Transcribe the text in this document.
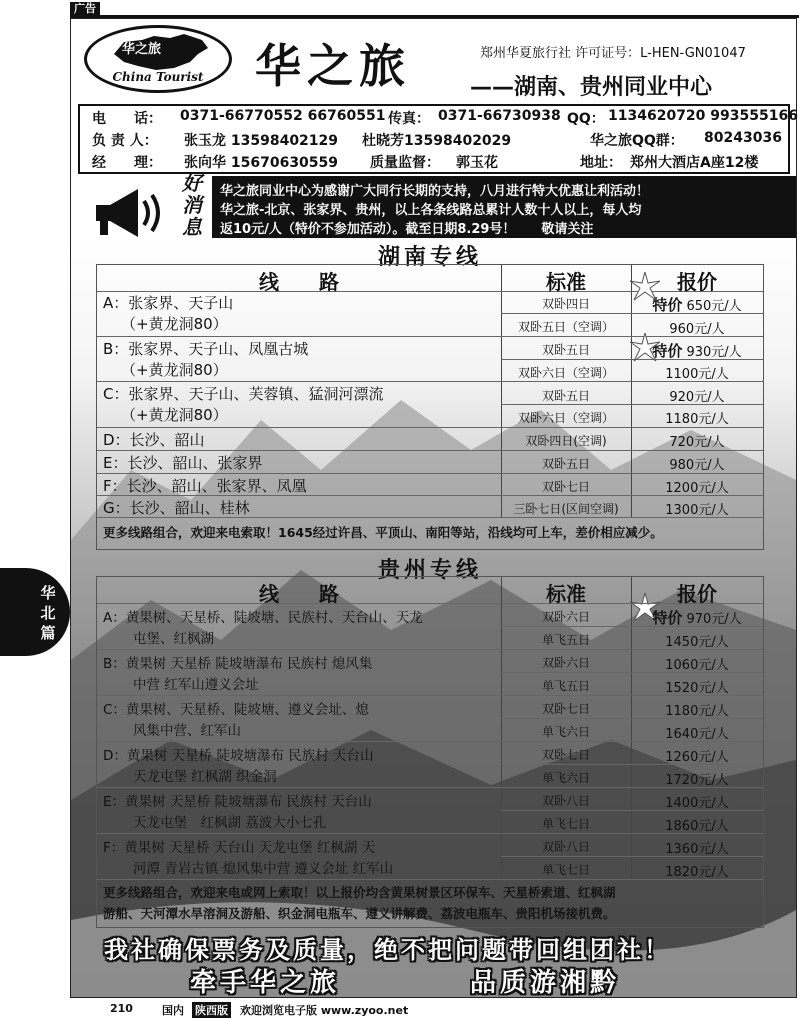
广告
华之旅
China Tourist	华之旅	郑州华夏旅行社 许可证号：L-HEN-GN01047
——湖南、贵州同业中心
电　　话： 0371-66770552 66760551 传真： 0371-66730938 QQ： 1134620720 993555166
负 责 人： 张玉龙 13598402129 杜晓芳13598402029	华之旅QQ群： 80243036
经　　理： 张向华 15670630559 质量监督： 郭玉花	地址： 郑州大酒店A座12楼
好消息
华之旅同业中心为感谢广大同行长期的支持，八月进行特大优惠让利活动！
华之旅-北京、张家界、贵州，以上各条线路总累计人数十人以上，每人均
返10元/人（特价不参加活动）。截至日期8.29号！　　敬请关注
湖南专线
线　　路	标准	报价
A：张家界、天子山
（+黄龙洞80）
双卧四日	特价 650元/人
双卧五日（空调）	960元/人
B：张家界、天子山、凤凰古城
（+黄龙洞80）
双卧五日	特价 930元/人
双卧六日（空调）	1100元/人
C：张家界、天子山、芙蓉镇、猛洞河漂流
（+黄龙洞80）
双卧五日	920元/人
双卧六日（空调）	1180元/人
D：长沙、韶山	双卧四日(空调)	720元/人
E：长沙、韶山、张家界	双卧五日	980元/人
F：长沙、韶山、张家界、凤凰	双卧七日	1200元/人
G：长沙、韶山、桂林	三卧七日(区间空调)	1300元/人
更多线路组合，欢迎来电索取！1645经过许昌、平顶山、南阳等站，沿线均可上车，差价相应减少。
贵州专线
线　　路	标准	报价
A：黄果树、天星桥、陡坡塘、民族村、天台山、天龙
屯堡、红枫湖
双卧六日	特价 970元/人
单飞五日	1450元/人
B：黄果树 天星桥 陡坡塘瀑布 民族村 熄风集
中营 红军山遵义会址
双卧六日	1060元/人
单飞五日	1520元/人
C：黄果树、天星桥、陡坡塘、遵义会址、熄
风集中营、红军山
双卧七日	1180元/人
单飞六日	1640元/人
D：黄果树 天星桥 陡坡塘瀑布 民族村 天台山
天龙屯堡 红枫湖 织金洞
双卧七日	1260元/人
单飞六日	1720元/人
E：黄果树 天星桥 陡坡塘瀑布 民族村 天台山
天龙屯堡　红枫湖 荔波大小七孔
双卧八日	1400元/人
单飞七日	1860元/人
F：黄果树 天星桥 天台山 天龙屯堡 红枫湖 天
河潭 青岩古镇 熄风集中营 遵义会址 红军山
双卧八日	1360元/人
单飞七日	1820元/人
更多线路组合，欢迎来电或网上索取！以上报价均含黄果树景区环保车、天星桥索道、红枫湖
游船、天河潭水旱溶洞及游船、织金洞电瓶车、遵义讲解费、荔波电瓶车、贵阳机场接机费。
华
北
篇
我社确保票务及质量，绝不把问题带回组团社！
牵手华之旅	品质游湘黔
210	国内 陕西版 欢迎浏览电子版 www.zyoo.net
